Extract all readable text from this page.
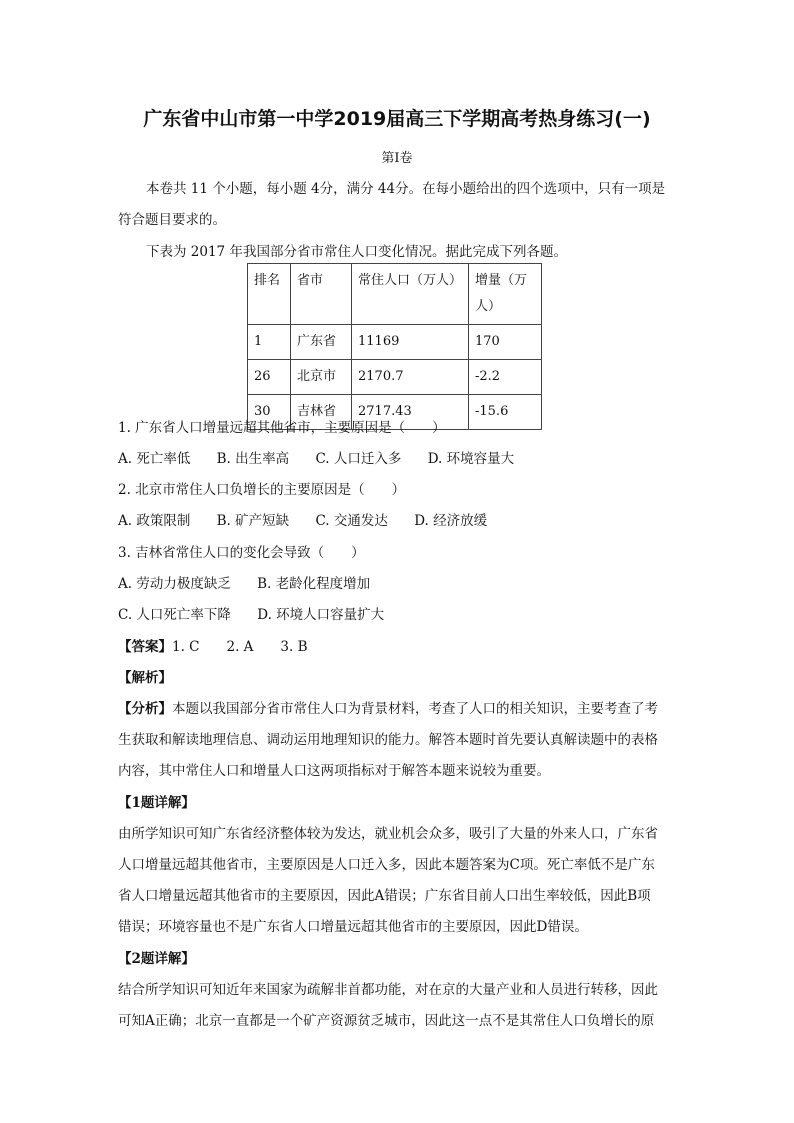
广东省中山市第一中学2019届高三下学期高考热身练习(一)
第I卷
本卷共 11 个小题，每小题 4分，满分 44分。在每小题给出的四个选项中，只有一项是
符合题目要求的。
下表为 2017 年我国部分省市常住人口变化情况。据此完成下列各题。
排名	省市	常住人口（万人）	增量（万人）
1	广东省	11169	170
26	北京市	2170.7	-2.2
30	吉林省	2717.43	-15.6
1. 广东省人口增量远超其他省市，主要原因是（　　）
A. 死亡率低 B. 出生率高 C. 人口迁入多 D. 环境容量大
2. 北京市常住人口负增长的主要原因是（　　）
A. 政策限制 B. 矿产短缺 C. 交通发达 D. 经济放缓
3. 吉林省常住人口的变化会导致（　　）
A. 劳动力极度缺乏 B. 老龄化程度增加
C. 人口死亡率下降 D. 环境人口容量扩大
【答案】1. C　　2. A　　3. B
【解析】
【分析】本题以我国部分省市常住人口为背景材料，考查了人口的相关知识，主要考查了考
生获取和解读地理信息、调动运用地理知识的能力。解答本题时首先要认真解读题中的表格
内容，其中常住人口和增量人口这两项指标对于解答本题来说较为重要。
【1题详解】
由所学知识可知广东省经济整体较为发达，就业机会众多，吸引了大量的外来人口，广东省
人口增量远超其他省市，主要原因是人口迁入多，因此本题答案为C项。死亡率低不是广东
省人口增量远超其他省市的主要原因，因此A错误；广东省目前人口出生率较低，因此B项
错误；环境容量也不是广东省人口增量远超其他省市的主要原因，因此D错误。
【2题详解】
结合所学知识可知近年来国家为疏解非首都功能，对在京的大量产业和人员进行转移，因此
可知A正确；北京一直都是一个矿产资源贫乏城市，因此这一点不是其常住人口负增长的原
